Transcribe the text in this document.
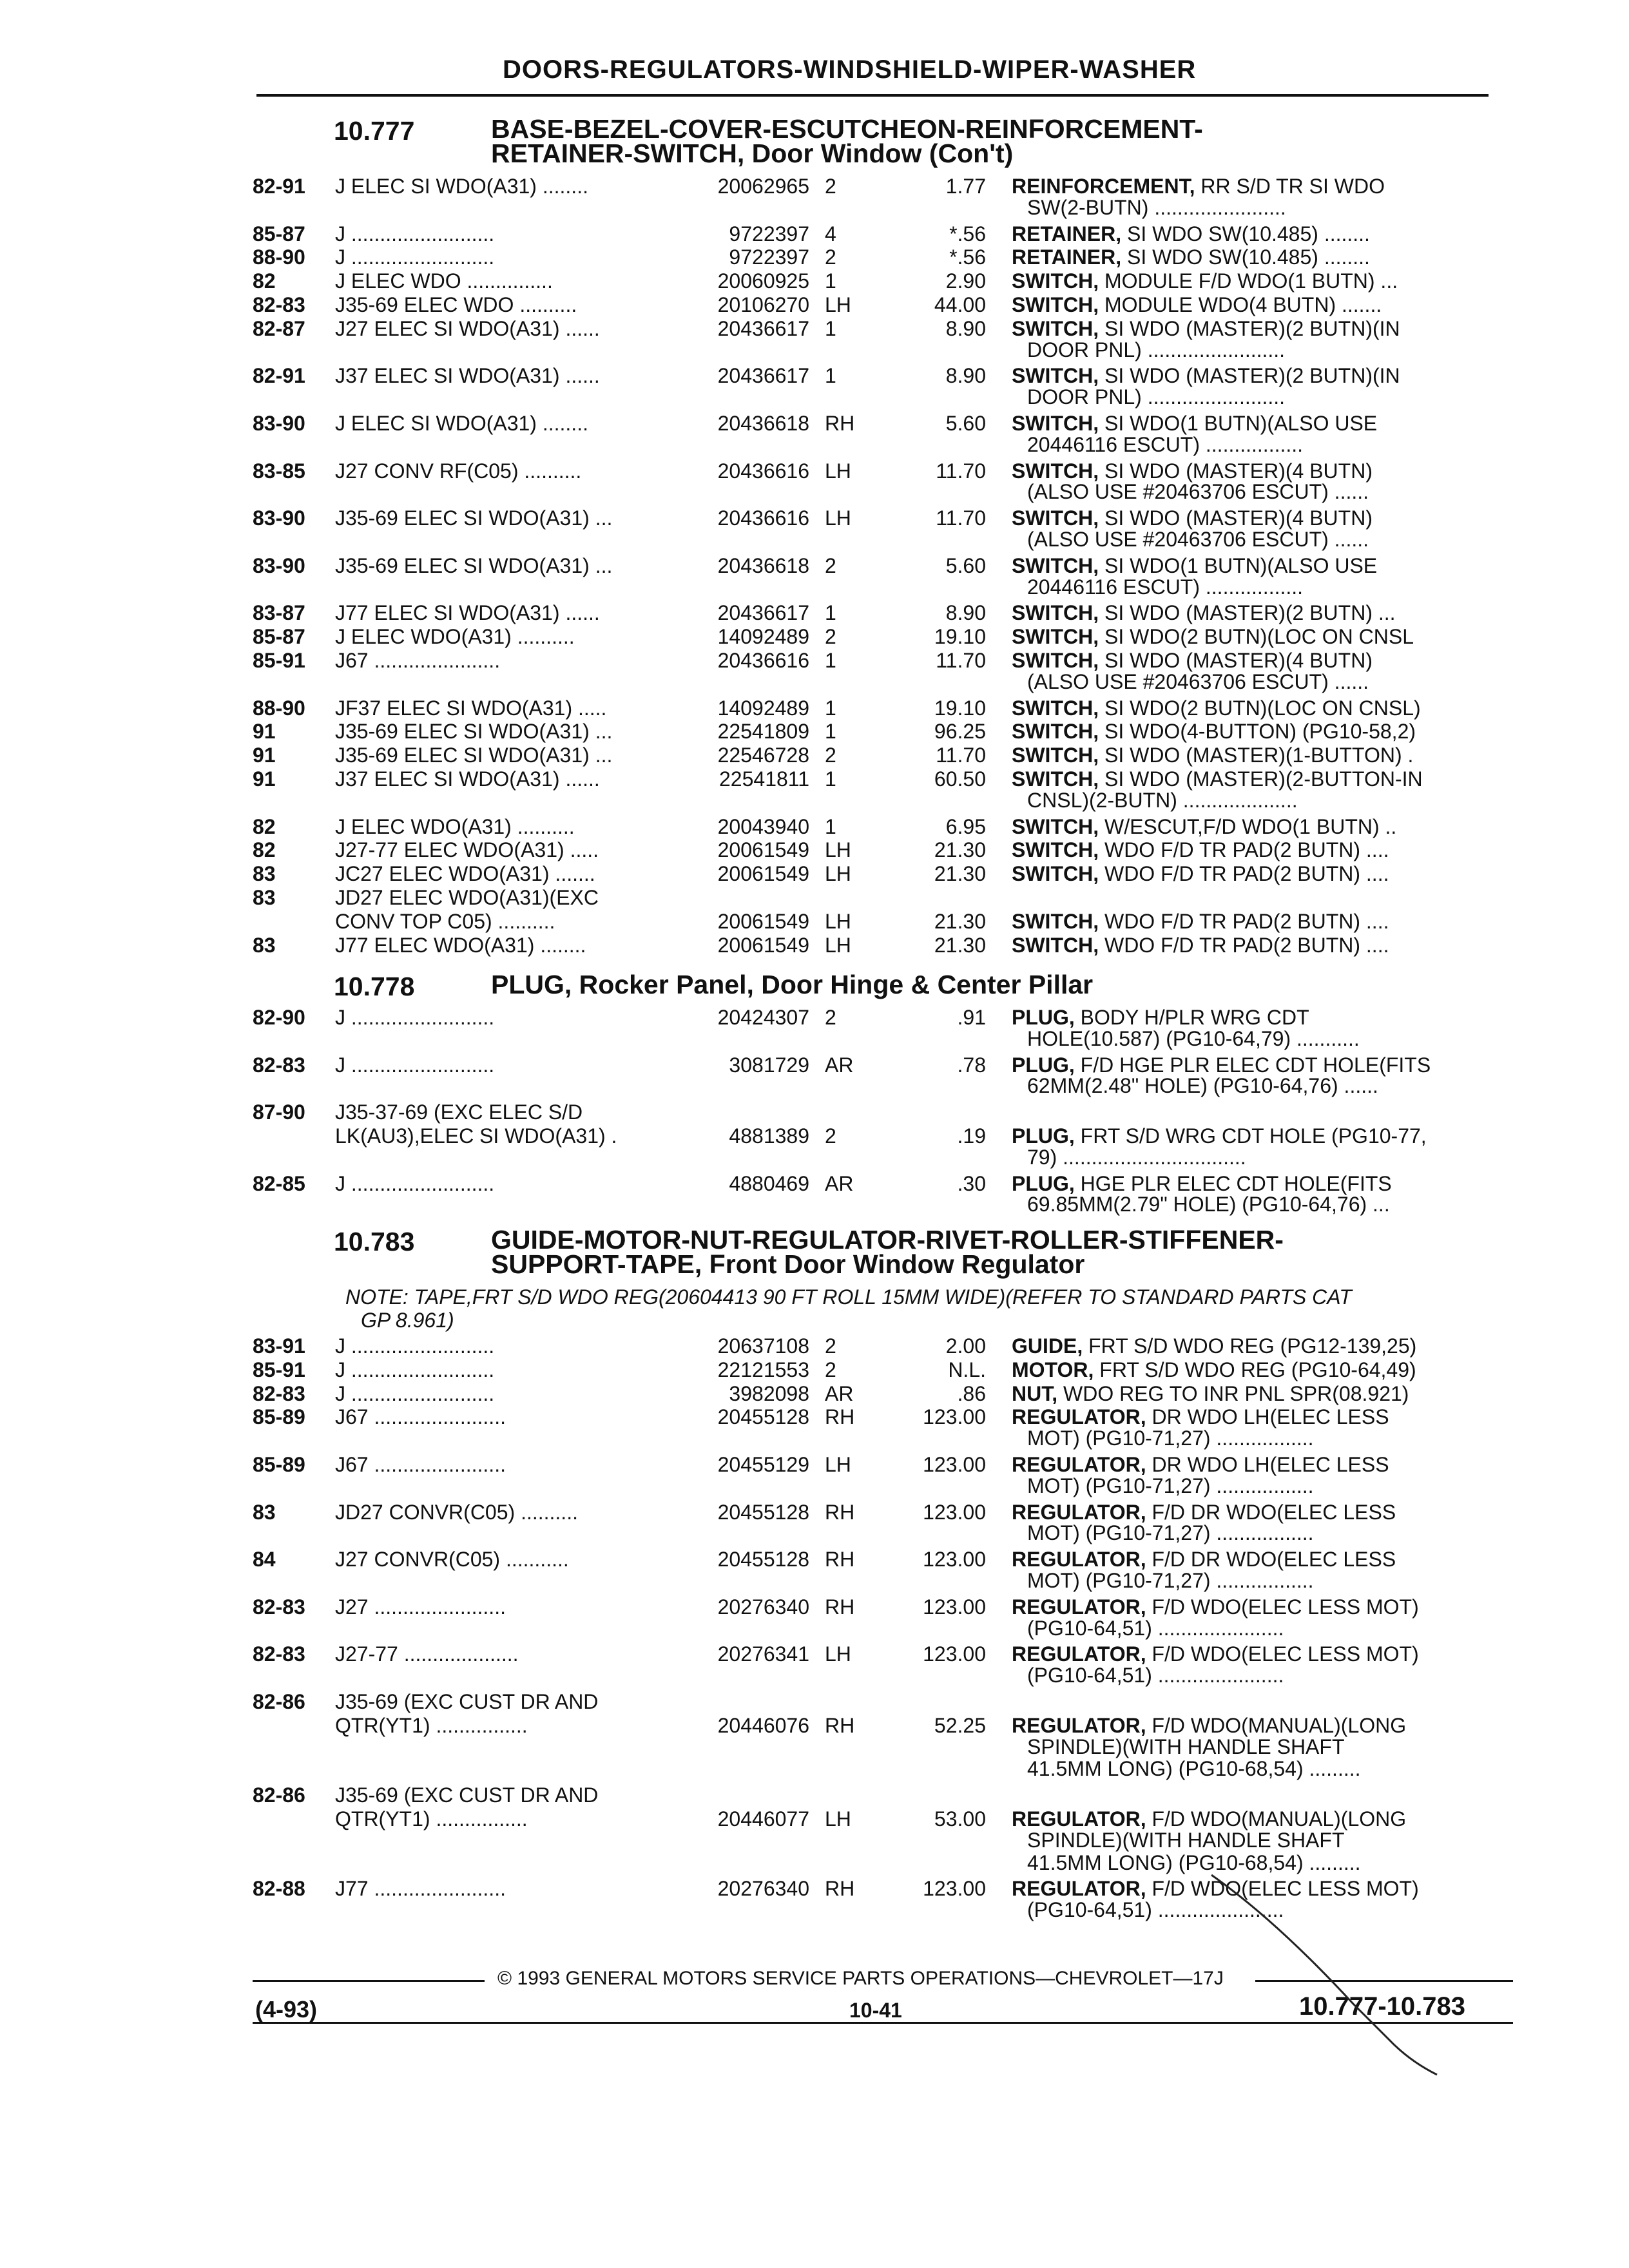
DOORS-REGULATORS-WINDSHIELD-WIPER-WASHER
10.777	BASE-BEZEL-COVER-ESCUTCHEON-REINFORCEMENT-
RETAINER-SWITCH, Door Window (Con't)
82-91 J ELEC SI WDO(A31) ........	20062965 2	1.77 REINFORCEMENT, RR S/D TR SI WDO
SW(2-BUTN) .......................
85-87 J .........................	9722397 4	*.56 RETAINER, SI WDO SW(10.485) ........
88-90 J .........................	9722397 2	*.56 RETAINER, SI WDO SW(10.485) ........
82	J ELEC WDO ...............	20060925 1	2.90 SWITCH, MODULE F/D WDO(1 BUTN) ...
82-83 J35-69 ELEC WDO ..........	20106270 LH	44.00 SWITCH, MODULE WDO(4 BUTN) .......
82-87 J27 ELEC SI WDO(A31) ......	20436617 1	8.90 SWITCH, SI WDO (MASTER)(2 BUTN)(IN
DOOR PNL) ........................
82-91 J37 ELEC SI WDO(A31) ......	20436617 1	8.90 SWITCH, SI WDO (MASTER)(2 BUTN)(IN
DOOR PNL) ........................
83-90 J ELEC SI WDO(A31) ........	20436618 RH	5.60 SWITCH, SI WDO(1 BUTN)(ALSO USE
20446116 ESCUT) .................
83-85 J27 CONV RF(C05) ..........	20436616 LH	11.70 SWITCH, SI WDO (MASTER)(4 BUTN)
(ALSO USE #20463706 ESCUT) ......
83-90 J35-69 ELEC SI WDO(A31) ...	20436616 LH	11.70 SWITCH, SI WDO (MASTER)(4 BUTN)
(ALSO USE #20463706 ESCUT) ......
83-90 J35-69 ELEC SI WDO(A31) ...	20436618 2	5.60 SWITCH, SI WDO(1 BUTN)(ALSO USE
20446116 ESCUT) .................
83-87 J77 ELEC SI WDO(A31) ......	20436617 1	8.90 SWITCH, SI WDO (MASTER)(2 BUTN) ...
85-87 J ELEC WDO(A31) ..........	14092489 2	19.10 SWITCH, SI WDO(2 BUTN)(LOC ON CNSL
85-91 J67 ......................	20436616 1	11.70 SWITCH, SI WDO (MASTER)(4 BUTN)
(ALSO USE #20463706 ESCUT) ......
88-90 JF37 ELEC SI WDO(A31) .....	14092489 1	19.10 SWITCH, SI WDO(2 BUTN)(LOC ON CNSL)
91	J35-69 ELEC SI WDO(A31) ...	22541809 1	96.25 SWITCH, SI WDO(4-BUTTON) (PG10-58,2)
91	J35-69 ELEC SI WDO(A31) ...	22546728 2	11.70 SWITCH, SI WDO (MASTER)(1-BUTTON) .
91	J37 ELEC SI WDO(A31) ......	22541811 1	60.50 SWITCH, SI WDO (MASTER)(2-BUTTON-IN
CNSL)(2-BUTN) ....................
82	J ELEC WDO(A31) ..........	20043940 1	6.95 SWITCH, W/ESCUT,F/D WDO(1 BUTN) ..
82	J27-77 ELEC WDO(A31) .....	20061549 LH	21.30 SWITCH, WDO F/D TR PAD(2 BUTN) ....
83	JC27 ELEC WDO(A31) .......	20061549 LH	21.30 SWITCH, WDO F/D TR PAD(2 BUTN) ....
83	JD27 ELEC WDO(A31)(EXC
CONV TOP C05) ..........	20061549 LH	21.30 SWITCH, WDO F/D TR PAD(2 BUTN) ....
83	J77 ELEC WDO(A31) ........	20061549 LH	21.30 SWITCH, WDO F/D TR PAD(2 BUTN) ....
10.778	PLUG, Rocker Panel, Door Hinge & Center Pillar
82-90 J .........................	20424307 2	.91 PLUG, BODY H/PLR WRG CDT
HOLE(10.587) (PG10-64,79) ...........
82-83 J .........................	3081729 AR	.78 PLUG, F/D HGE PLR ELEC CDT HOLE(FITS
62MM(2.48" HOLE) (PG10-64,76) ......
87-90 J35-37-69 (EXC ELEC S/D
LK(AU3),ELEC SI WDO(A31) .	4881389 2	.19 PLUG, FRT S/D WRG CDT HOLE (PG10-77,
79) ................................
82-85 J .........................	4880469 AR	.30 PLUG, HGE PLR ELEC CDT HOLE(FITS
69.85MM(2.79" HOLE) (PG10-64,76) ...
10.783	GUIDE-MOTOR-NUT-REGULATOR-RIVET-ROLLER-STIFFENER-
SUPPORT-TAPE, Front Door Window Regulator
NOTE: TAPE,FRT S/D WDO REG(20604413 90 FT ROLL 15MM WIDE)(REFER TO STANDARD PARTS CAT
GP 8.961)
83-91 J .........................	20637108 2	2.00 GUIDE, FRT S/D WDO REG (PG12-139,25)
85-91 J .........................	22121553 2	N.L. MOTOR, FRT S/D WDO REG (PG10-64,49)
82-83 J .........................	3982098 AR	.86 NUT, WDO REG TO INR PNL SPR(08.921)
85-89 J67 .......................	20455128 RH	123.00 REGULATOR, DR WDO LH(ELEC LESS
MOT) (PG10-71,27) .................
85-89 J67 .......................	20455129 LH	123.00 REGULATOR, DR WDO LH(ELEC LESS
MOT) (PG10-71,27) .................
83	JD27 CONVR(C05) ..........	20455128 RH	123.00 REGULATOR, F/D DR WDO(ELEC LESS
MOT) (PG10-71,27) .................
84	J27 CONVR(C05) ...........	20455128 RH	123.00 REGULATOR, F/D DR WDO(ELEC LESS
MOT) (PG10-71,27) .................
82-83 J27 .......................	20276340 RH	123.00 REGULATOR, F/D WDO(ELEC LESS MOT)
(PG10-64,51) ......................
82-83 J27-77 ....................	20276341 LH	123.00 REGULATOR, F/D WDO(ELEC LESS MOT)
(PG10-64,51) ......................
82-86 J35-69 (EXC CUST DR AND
QTR(YT1) ................	20446076 RH	52.25 REGULATOR, F/D WDO(MANUAL)(LONG
SPINDLE)(WITH HANDLE SHAFT
41.5MM LONG) (PG10-68,54) .........
82-86 J35-69 (EXC CUST DR AND
QTR(YT1) ................	20446077 LH	53.00 REGULATOR, F/D WDO(MANUAL)(LONG
SPINDLE)(WITH HANDLE SHAFT
41.5MM LONG) (PG10-68,54) .........
82-88 J77 .......................	20276340 RH	123.00 REGULATOR, F/D WDO(ELEC LESS MOT)
(PG10-64,51) ......................
© 1993 GENERAL MOTORS SERVICE PARTS OPERATIONS—CHEVROLET—17J
(4-93)	10-41	10.777-10.783
